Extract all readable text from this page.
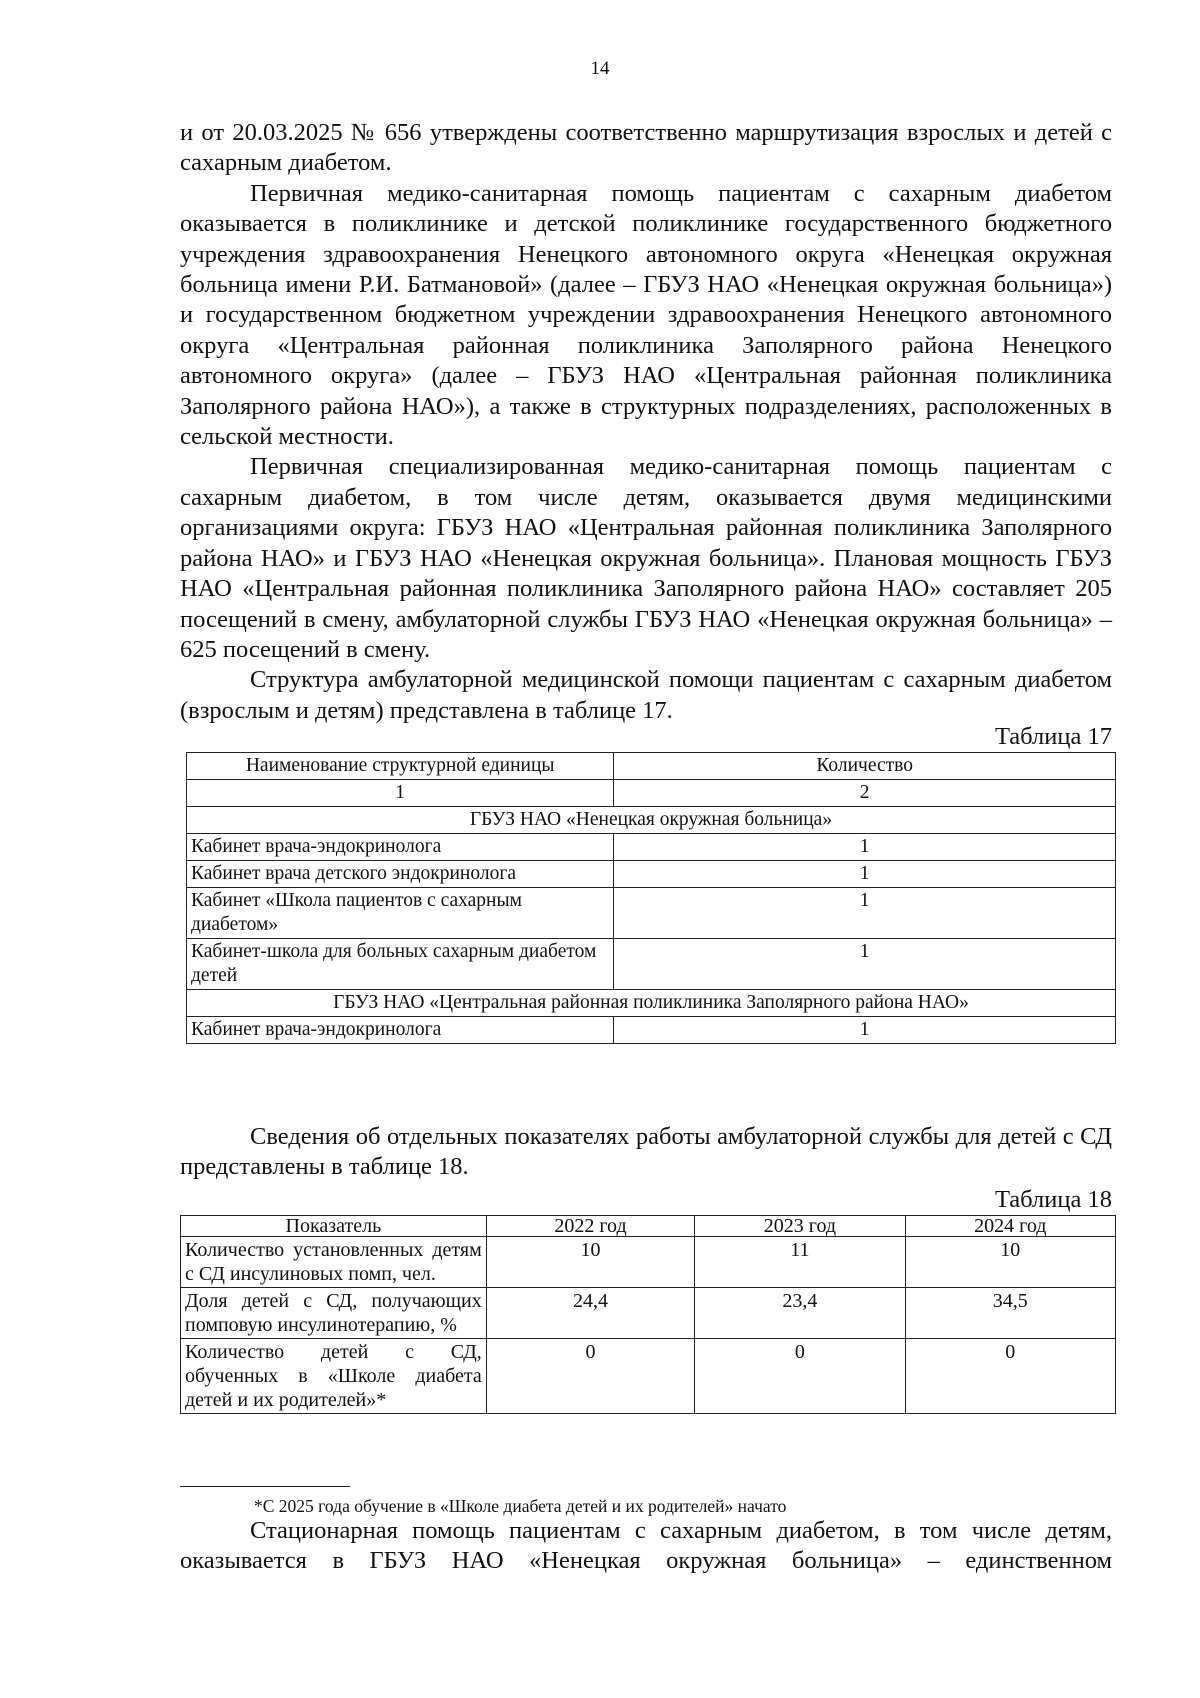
14

и от 20.03.2025 № 656 утверждены соответственно маршрутизация взрослых и детей с сахарным диабетом.

Первичная медико-санитарная помощь пациентам с сахарным диабетом оказывается в поликлинике и детской поликлинике государственного бюджетного учреждения здравоохранения Ненецкого автономного округа «Ненецкая окружная больница имени Р.И. Батмановой» (далее – ГБУЗ НАО «Ненецкая окружная больница») и государственном бюджетном учреждении здравоохранения Ненецкого автономного округа «Центральная районная поликлиника Заполярного района Ненецкого автономного округа» (далее – ГБУЗ НАО «Центральная районная поликлиника Заполярного района НАО»), а также в структурных подразделениях, расположенных в сельской местности.

Первичная специализированная медико-санитарная помощь пациентам с сахарным диабетом, в том числе детям, оказывается двумя медицинскими организациями округа: ГБУЗ НАО «Центральная районная поликлиника Заполярного района НАО» и ГБУЗ НАО «Ненецкая окружная больница». Плановая мощность ГБУЗ НАО «Центральная районная поликлиника Заполярного района НАО» составляет 205 посещений в смену, амбулаторной службы ГБУЗ НАО «Ненецкая окружная больница» – 625 посещений в смену.

Структура амбулаторной медицинской помощи пациентам с сахарным диабетом (взрослым и детям) представлена в таблице 17.

Таблица 17
Наименование структурной единицы	Количество
1	2
ГБУЗ НАО «Ненецкая окружная больница»	
Кабинет врача-эндокринолога	1
Кабинет врача детского эндокринолога	1
Кабинет «Школа пациентов с сахарным диабетом»	1
Кабинет-школа для больных сахарным диабетом детей	1
ГБУЗ НАО «Центральная районная поликлиника Заполярного района НАО»	
Кабинет врача-эндокринолога	1

Сведения об отдельных показателях работы амбулаторной службы для детей с СД представлены в таблице 18.

Таблица 18
Показатель	2022 год	2023 год	2024 год
Количество установленных детям с СД инсулиновых помп, чел.	10	11	10
Доля детей с СД, получающих помповую инсулинотерапию, %	24,4	23,4	34,5
Количество детей с СД, обученных в «Школе диабета детей и их родителей»*	0	0	0
*С 2025 года обучение в «Школе диабета детей и их родителей» начато

Стационарная помощь пациентам с сахарным диабетом, в том числе детям, оказывается в ГБУЗ НАО «Ненецкая окружная больница» – единственном
